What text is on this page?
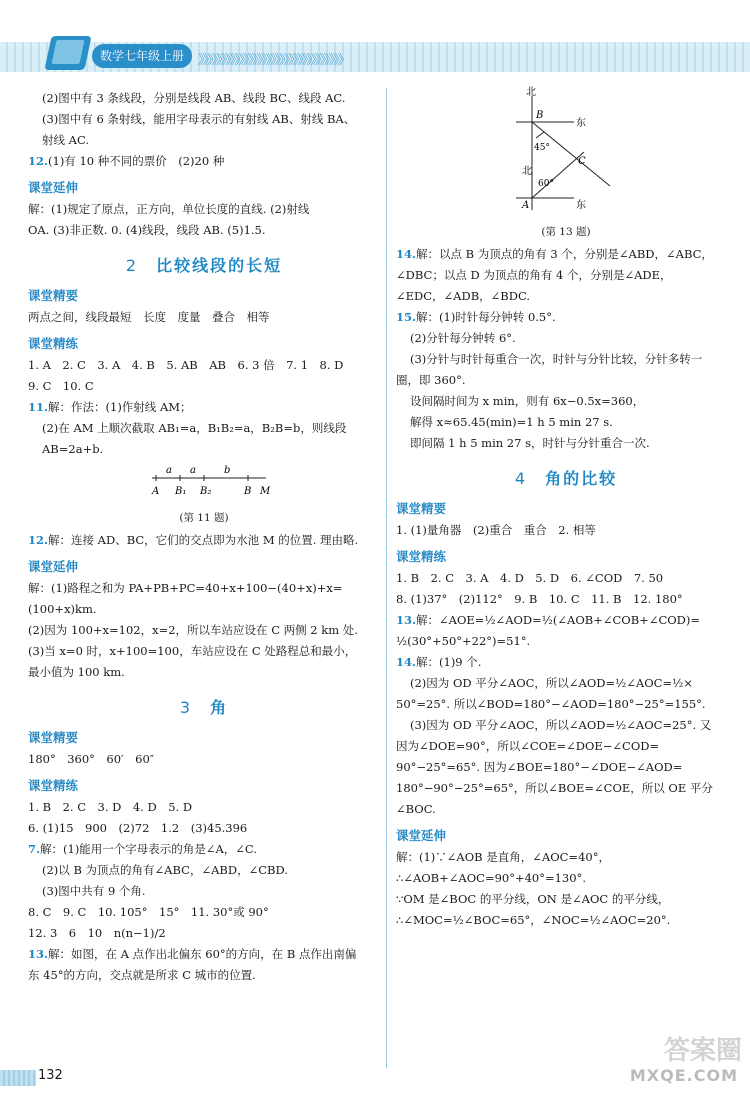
数学七年级上册	》》》》》》》》》》》》》》》》》》》》》》》》》》》》》》》》
(2)图中有 3 条线段，分别是线段 AB、线段 BC、线段 AC.
(3)图中有 6 条射线，能用字母表示的有射线 AB、射线 BA、
射线 AC.
12.(1)有 10 种不同的票价　(2)20 种
课堂延伸
解：(1)规定了原点，正方向，单位长度的直线. (2)射线
OA. (3)非正数. 0. (4)线段，线段 AB. (5)1.5.
2 比较线段的长短
课堂精要
两点之间，线段最短　长度　度量　叠合　相等
课堂精练
1. A　2. C　3. A　4. B　5. AB　AB　6. 3 倍　7. 1　8. D
9. C　10. C
11.解：作法：(1)作射线 AM；
(2)在 AM 上顺次截取 AB₁=a，B₁B₂=a，B₂B=b，则线段
AB=2a+b.
a a	b
A B₁ B₂	B M
(第 11 题)
12.解：连接 AD、BC，它们的交点即为水池 M 的位置. 理由略.
课堂延伸
解：(1)路程之和为 PA+PB+PC=40+x+100−(40+x)+x=
(100+x)km.
(2)因为 100+x=102，x=2，所以车站应设在 C 两侧 2 km 处.
(3)当 x=0 时，x+100=100，车站应设在 C 处路程总和最小，
最小值为 100 km.
3 角
课堂精要
180°　360°　60′　60″
课堂精练
1. B　2. C　3. D　4. D　5. D
6. (1)15　900　(2)72　1.2　(3)45.396
7.解：(1)能用一个字母表示的角是∠A，∠C.
(2)以 B 为顶点的角有∠ABC，∠ABD，∠CBD.
(3)图中共有 9 个角.
8. C　9. C　10. 105°　15°　11. 30°或 90°
12. 3　6　10　n(n−1)/2
13.解：如图，在 A 点作出北偏东 60°的方向，在 B 点作出南偏
东 45°的方向，交点就是所求 C 城市的位置.
北
B
东
45°
北
C
60°
A	东
(第 13 题)
14.解：以点 B 为顶点的角有 3 个，分别是∠ABD，∠ABC，
∠DBC；以点 D 为顶点的角有 4 个，分别是∠ADE，
∠EDC，∠ADB，∠BDC.
15.解：(1)时针每分钟转 0.5°.
(2)分针每分钟转 6°.
(3)分针与时针每重合一次，时针与分针比较，分针多转一
圈，即 360°.
设间隔时间为 x min，则有 6x−0.5x=360，
解得 x≈65.45(min)=1 h 5 min 27 s.
即间隔 1 h 5 min 27 s，时针与分针重合一次.
4 角的比较
课堂精要
1. (1)量角器　(2)重合　重合　2. 相等
课堂精练
1. B　2. C　3. A　4. D　5. D　6. ∠COD　7. 50
8. (1)37°　(2)112°　9. B　10. C　11. B　12. 180°
13.解：∠AOE=½∠AOD=½(∠AOB+∠COB+∠COD)=
½(30°+50°+22°)=51°.
14.解：(1)9 个.
(2)因为 OD 平分∠AOC，所以∠AOD=½∠AOC=½×
50°=25°. 所以∠BOD=180°−∠AOD=180°−25°=155°.
(3)因为 OD 平分∠AOC，所以∠AOD=½∠AOC=25°. 又
因为∠DOE=90°，所以∠COE=∠DOE−∠COD=
90°−25°=65°. 因为∠BOE=180°−∠DOE−∠AOD=
180°−90°−25°=65°，所以∠BOE=∠COE，所以 OE 平分
∠BOC.
课堂延伸
解：(1)∵∠AOB 是直角，∠AOC=40°，
∴∠AOB+∠AOC=90°+40°=130°.
∵OM 是∠BOC 的平分线，ON 是∠AOC 的平分线，
∴∠MOC=½∠BOC=65°，∠NOC=½∠AOC=20°.
132
答案圈
MXQE.COM
